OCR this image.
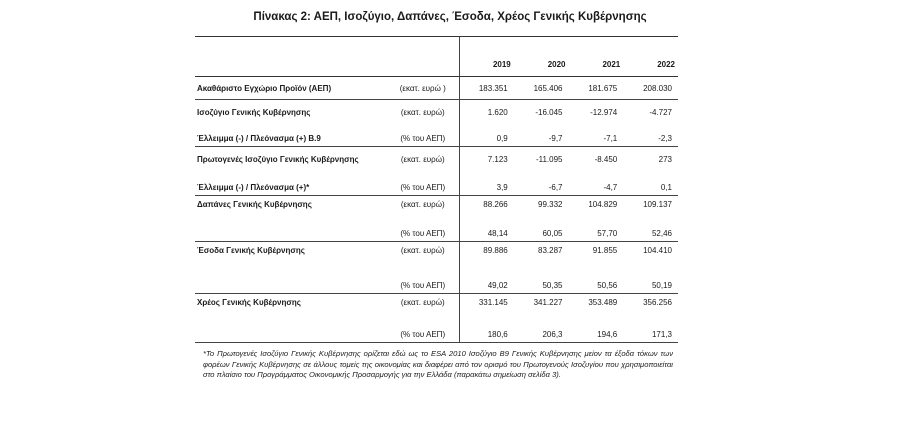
Πίνακας 2: ΑΕΠ, Ισοζύγιο, Δαπάνες, Έσοδα, Χρέος Γενικής Κυβέρνησης
		2019	2020	2021	2022
Ακαθάριστο Εγχώριο Προϊόν (ΑΕΠ)	(εκατ. ευρώ )	183.351	165.406	181.675	208.030
Ισοζύγιο Γενικής Κυβέρνησης	(εκατ. ευρώ)	1.620	-16.045	-12.974	-4.727
Έλλειμμα (-) / Πλεόνασμα (+) Β.9	(% του ΑΕΠ)	0,9	-9,7	-7,1	-2,3
Πρωτογενές Ισοζύγιο Γενικής Κυβέρνησης	(εκατ. ευρώ)	7.123	-11.095	-8.450	273
Έλλειμμα (-) / Πλεόνασμα (+)*	(% του ΑΕΠ)	3,9	-6,7	-4,7	0,1
Δαπάνες Γενικής Κυβέρνησης	(εκατ. ευρώ)	88.266	99.332	104.829	109.137
	(% του ΑΕΠ)	48,14	60,05	57,70	52,46
Έσοδα Γενικής Κυβέρνησης	(εκατ. ευρώ)	89.886	83.287	91.855	104.410
	(% του ΑΕΠ)	49,02	50,35	50,56	50,19
Χρέος Γενικής Κυβέρνησης	(εκατ. ευρώ)	331.145	341.227	353.489	356.256
	(% του ΑΕΠ)	180,6	206,3	194,6	171,3
*Το Πρωτογενές Ισοζύγιο Γενικής Κυβέρνησης ορίζεται εδώ ως το ESA 2010 Ισοζύγιο Β9 Γενικής Κυβέρνησης μείον τα έξοδα τόκων των φορέων Γενικής Κυβέρνησης σε άλλους τομείς της οικονομίας και διαφέρει από τον ορισμό του Πρωτογενούς Ισοζυγίου που χρησιμοποιείται στο πλαίσιο του Προγράμματος Οικονομικής Προσαρμογής για την Ελλάδα (παρακάτω σημείωση σελίδα 3).
